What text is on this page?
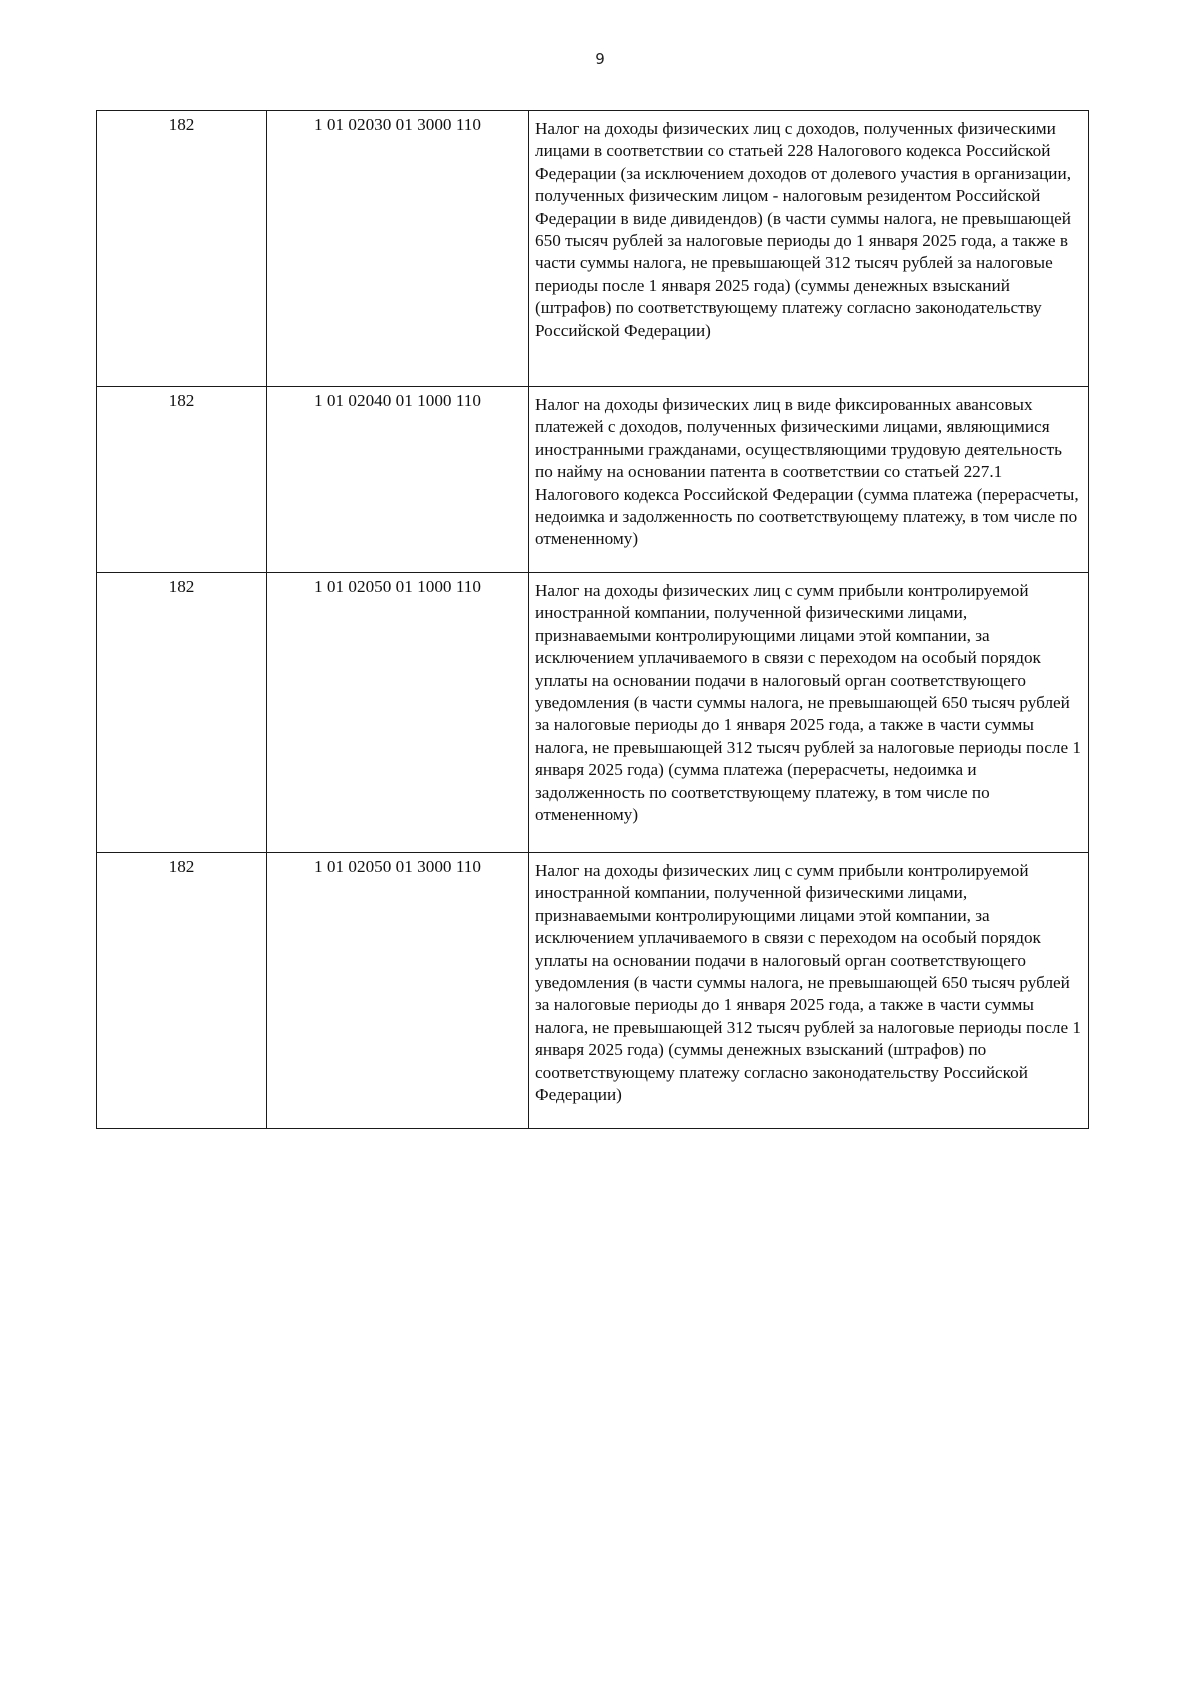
9
182	1 01 02030 01 3000 110	Налог на доходы физических лиц с доходов, полученных физическими лицами в соответствии со статьей 228 Налогового кодекса Российской Федерации (за исключением доходов от долевого участия в организации, полученных физическим лицом - налоговым резидентом Российской Федерации в виде дивидендов) (в части суммы налога, не превышающей 650 тысяч рублей за налоговые периоды до 1 января 2025 года, а также в части суммы налога, не превышающей 312 тысяч рублей за налоговые периоды после 1 января 2025 года) (суммы денежных взысканий (штрафов) по соответствующему платежу согласно законодательству Российской Федерации)
182	1 01 02040 01 1000 110	Налог на доходы физических лиц в виде фиксированных авансовых платежей с доходов, полученных физическими лицами, являющимися иностранными гражданами, осуществляющими трудовую деятельность по найму на основании патента в соответствии со статьей 227.1 Налогового кодекса Российской Федерации (сумма платежа (перерасчеты, недоимка и задолженность по соответствующему платежу, в том числе по отмененному)
182	1 01 02050 01 1000 110	Налог на доходы физических лиц с сумм прибыли контролируемой иностранной компании, полученной физическими лицами, признаваемыми контролирующими лицами этой компании, за исключением уплачиваемого в связи с переходом на особый порядок уплаты на основании подачи в налоговый орган соответствующего уведомления (в части суммы налога, не превышающей 650 тысяч рублей за налоговые периоды до 1 января 2025 года, а также в части суммы налога, не превышающей 312 тысяч рублей за налоговые периоды после 1 января 2025 года) (сумма платежа (перерасчеты, недоимка и задолженность по соответствующему платежу, в том числе по отмененному)
182	1 01 02050 01 3000 110	Налог на доходы физических лиц с сумм прибыли контролируемой иностранной компании, полученной физическими лицами, признаваемыми контролирующими лицами этой компании, за исключением уплачиваемого в связи с переходом на особый порядок уплаты на основании подачи в налоговый орган соответствующего уведомления (в части суммы налога, не превышающей 650 тысяч рублей за налоговые периоды до 1 января 2025 года, а также в части суммы налога, не превышающей 312 тысяч рублей за налоговые периоды после 1 января 2025 года) (суммы денежных взысканий (штрафов) по соответствующему платежу согласно законодательству Российской Федерации)
